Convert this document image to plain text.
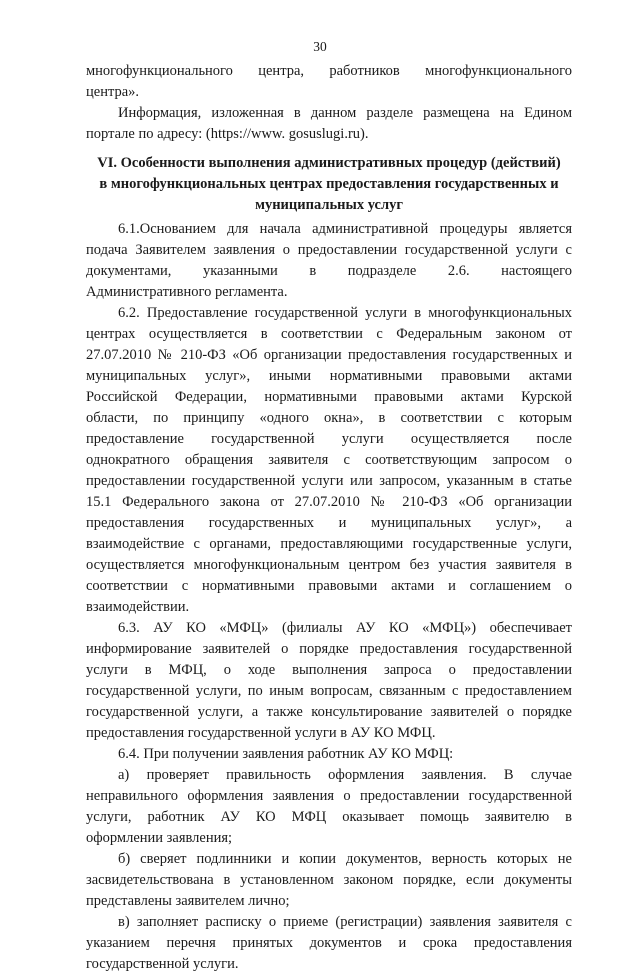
30
многофункционального центра, работников многофункционального
центра».
Информация, изложенная в данном разделе размещена на Едином
портале по адресу: (https://www. gosuslugi.ru).
VI. Особенности выполнения административных процедур (действий)
в многофункциональных центрах предоставления государственных и
муниципальных услуг
6.1.Основанием для начала административной процедуры является
подача Заявителем заявления о предоставлении государственной услуги с
документами, указанными в подразделе 2.6. настоящего
Административного регламента.
6.2. Предоставление государственной услуги в многофункциональных
центрах осуществляется в соответствии с Федеральным законом от
27.07.2010 № 210-ФЗ «Об организации предоставления государственных и
муниципальных услуг», иными нормативными правовыми актами
Российской Федерации, нормативными правовыми актами Курской
области, по принципу «одного окна», в соответствии с которым
предоставление государственной услуги осуществляется после
однократного обращения заявителя с соответствующим запросом о
предоставлении государственной услуги или запросом, указанным в статье
15.1 Федерального закона от 27.07.2010 № 210-ФЗ «Об организации
предоставления государственных и муниципальных услуг», а
взаимодействие с органами, предоставляющими государственные услуги,
осуществляется многофункциональным центром без участия заявителя в
соответствии с нормативными правовыми актами и соглашением о
взаимодействии.
6.3. АУ КО «МФЦ» (филиалы АУ КО «МФЦ») обеспечивает
информирование заявителей о порядке предоставления государственной
услуги в МФЦ, о ходе выполнения запроса о предоставлении
государственной услуги, по иным вопросам, связанным с предоставлением
государственной услуги, а также консультирование заявителей о порядке
предоставления государственной услуги в АУ КО МФЦ.
6.4. При получении заявления работник АУ КО МФЦ:
а) проверяет правильность оформления заявления. В случае
неправильного оформления заявления о предоставлении государственной
услуги, работник АУ КО МФЦ оказывает помощь заявителю в
оформлении заявления;
б) сверяет подлинники и копии документов, верность которых не
засвидетельствована в установленном законом порядке, если документы
представлены заявителем лично;
в) заполняет расписку о приеме (регистрации) заявления заявителя с
указанием перечня принятых документов и срока предоставления
государственной услуги.
